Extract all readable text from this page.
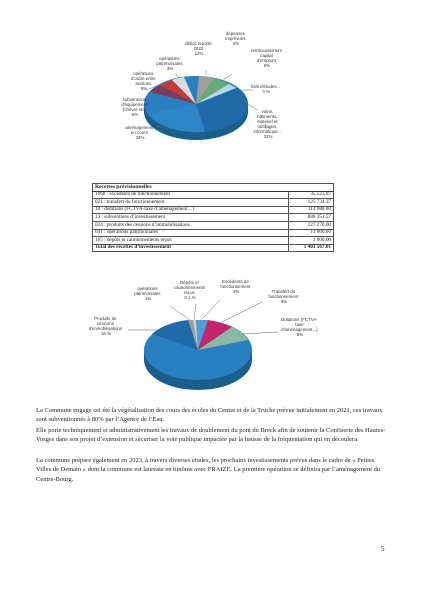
déficit reporté 2022 12%
dépenses imprévues 0%
remboursement capital d'emprunt 5%
frais d'études... 0 %
voirie, bâtiments, matériel et outillages, informatique... 31%
aménagement en cours 34%
subventions d'équipement (chèvre etc) 5%
opérations d'ordre entre sections 6%
opérations patrimoniales 3%
Recettes prévisionnelles	
1068 : excédents de fonctionnement	35 523.07
021 : transfert du fonctionnement	125 734.37
10 : dotations (FCTVA-taxe d’aménagement…)	114 688.00
13 : subventions d’investissement	888 351.57
024 : produits des cessions d’immobilisations	227 270.00
041 : opérations patrimoniales	11 000.00
165 : dépôts et cautionnements reçus	1 000.00
Total des recettes d’investissement	1 403 567.01
opérations patrimoniales 1%
Dépôts et cautionnements reçus 0.1 %
Excédents de fonctionnement 3%	Transfert du fonctionnement 9%
Dotations (FCTVA- taxe d'aménagement...) 8%
Produits de cessions d'immobilisations 16 %

La Commune engage cet été la végétalisation des cours des écoles du Centre et de la Truche prévue initialement en 2021, ces travaux sont subventionnés à 80% par l’Agence de l’Eau.

Elle porte techniquement et administrativement les travaux de doublement du pont du Breck afin de soutenir la Confiserie des Hautes-Vosges dans son projet d’extension et sécuriser la voie publique impactée par la hausse de la fréquentation qui en découlera.

La commune prépare également en 2023, à travers diverses études, les prochains investissements prévus dans le cadre de « Petites Villes de Demain » dont la commune est lauréate en binôme avec FRAIZE. La première opération se définira par l’aménagement du Centre-Bourg.

5
